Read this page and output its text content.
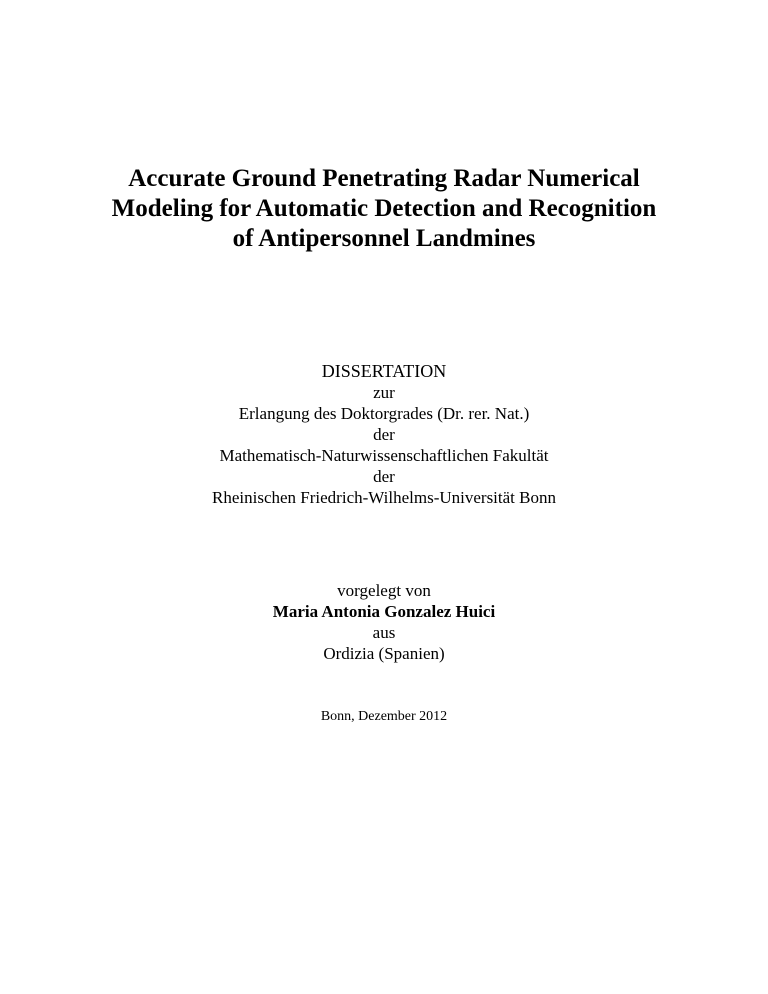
Accurate Ground Penetrating Radar Numerical
Modeling for Automatic Detection and Recognition
of Antipersonnel Landmines
DISSERTATION
zur
Erlangung des Doktorgrades (Dr. rer. Nat.)
der
Mathematisch-Naturwissenschaftlichen Fakultät
der
Rheinischen Friedrich-Wilhelms-Universität Bonn
vorgelegt von
Maria Antonia Gonzalez Huici
aus
Ordizia (Spanien)
Bonn, Dezember 2012
